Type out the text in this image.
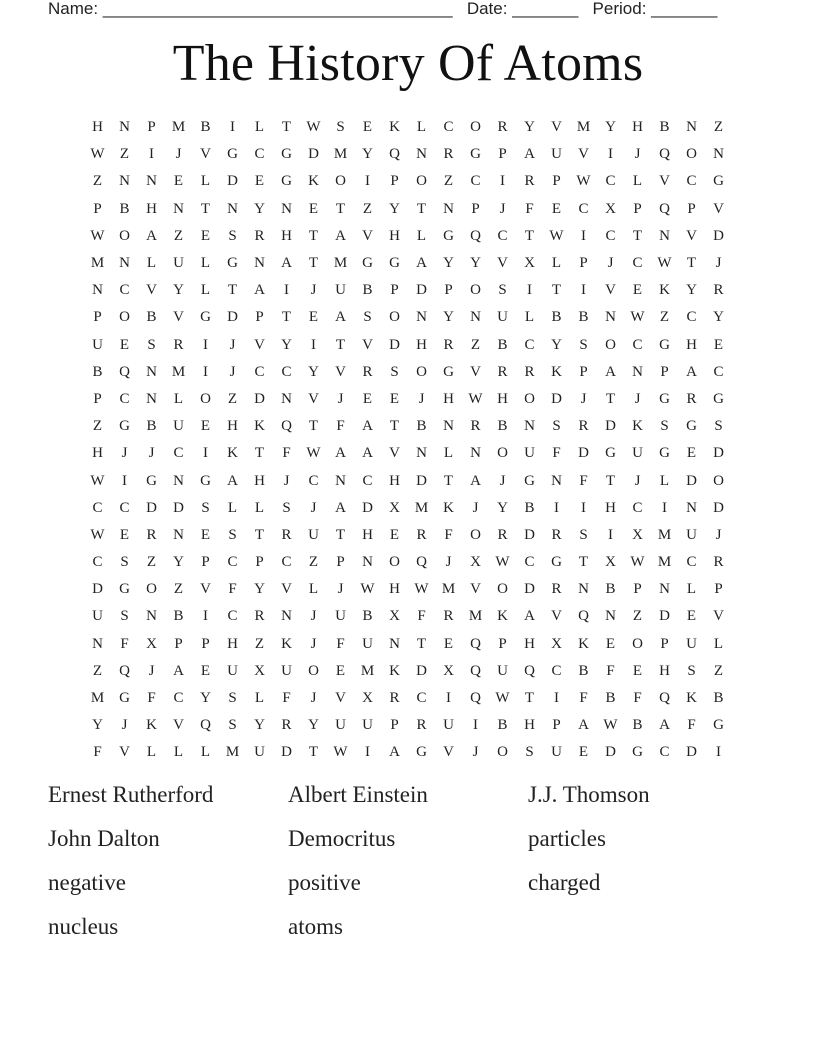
Name: _____________________________________ Date: _______ Period: _______
The History Of Atoms
H	N	P	M	B	I	L	T	W	S	E	K	L	C	O	R	Y	V M Y	H	B	N	Z
W	Z	I	J	V	G	C	G	D M Y	Q	N	R	G	P	A	U	V	I	J	Q	O	N
Z	N	N	E	L	D	E	G	K	O	I	P	O	Z	C	I	R	P	W C	L	V	C	G
P	B	H	N	T	N	Y	N	E	T	Z	Y	T	N	P	J	F	E	C	X	P	Q	P	V
W O	A	Z	E	S	R	H	T	A	V	H	L	G	Q	C	T	W	I	C	T	N	V	D
M N	L	U	L	G	N	A	T	M G	G	A	Y	Y	V	X	L	P	J	C W	T	J
N	C	V	Y	L	T	A	I	J	U	B	P	D	P	O	S	I	T	I	V	E	K	Y	R
P	O	B	V	G	D	P	T	E	A	S	O	N	Y	N	U	L	B	B	N W	Z	C	Y
U	E	S	R	I	J	V	Y	I	T	V	D	H	R	Z	B	C	Y	S	O	C	G	H	E
B	Q	N M	I	J	C	C	Y	V	R	S	O	G	V	R	R	K	P	A	N	P	A	C
P	C	N	L	O	Z	D	N	V	J	E	E	J	H W H	O	D	J	T	J	G	R	G
Z	G	B	U	E	H	K	Q	T	F	A	T	B	N	R	B	N	S	R	D	K	S	G	S
H	J	J	C	I	K	T	F	W A	A	V	N	L	N	O	U	F	D	G	U	G	E	D
W	I	G	N	G	A	H	J	C	N	C	H	D	T	A	J	G	N	F	T	J	L	D	O
C	C	D	D	S	L	L	S	J	A	D	X M K	J	Y	B	I	I	H	C	I	N	D
W	E	R	N	E	S	T	R	U	T	H	E	R	F	O	R	D	R	S	I	X M U	J
C	S	Z	Y	P	C	P	C	Z	P	N	O	Q	J	X W C	G	T	X W M	C	R
D	G	O	Z	V	F	Y	V	L	J	W H W M V	O	D	R	N	B	P	N	L	P
U	S	N	B	I	C	R	N	J	U	B	X	F	R	M K	A	V	Q	N	Z	D	E	V
N	F	X	P	P	H	Z	K	J	F	U	N	T	E	Q	P	H	X	K	E	O	P	U	L
Z	Q	J	A	E	U	X	U	O	E	M K	D	X	Q	U	Q	C	B	F	E	H	S	Z
M G	F	C	Y	S	L	F	J	V	X	R	C	I	Q W	T	I	F	B	F	Q	K	B
Y	J	K	V	Q	S	Y	R	Y	U	U	P	R	U	I	B	H	P	A W B	A	F	G
F	V	L	L	L	M U	D	T	W	I	A	G	V	J	O	S	U	E	D	G	C	D	I
Ernest Rutherford	Albert Einstein	J.J. Thomson
John Dalton	Democritus	particles
negative	positive	charged
nucleus	atoms
